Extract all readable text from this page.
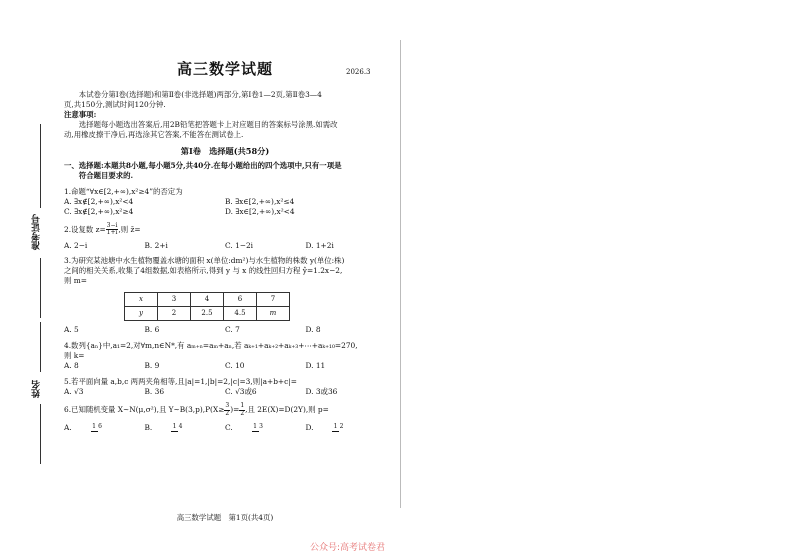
准考证号
姓名
高三数学试题	2026.3

本试卷分第Ⅰ卷(选择题)和第Ⅱ卷(非选择题)两部分,第Ⅰ卷1—2页,第Ⅱ卷3—4

页,共150分,测试时间120分钟.

注意事项:

选择题每小题选出答案后,用2B铅笔把答题卡上对应题目的答案标号涂黑.如需改

动,用橡皮擦干净后,再选涂其它答案,不能答在测试卷上.

第Ⅰ卷　选择题(共58分)

一、选择题:本题共8小题,每小题5分,共40分.在每小题给出的四个选项中,只有一项是

符合题目要求的.

1.命题“∀x∈[2,+∞),x²≥4”的否定为

A. ∃x∉[2,+∞),x²<4	B. ∃x∈[2,+∞),x²≤4
C. ∃x∉[2,+∞),x²≥4	D. ∃x∈[2,+∞),x²<4

2.设复数 $z= \frac{3-i}{1+i}$ ,则 z̄=

A. 2−i	B. 2+i	C. 1−2i	D. 1+2i

3.为研究某池塘中水生植物覆盖水塘的面积 x(单位:dm²)与水生植物的株数 y(单位:株)

之间的相关关系,收集了4组数据,如表格所示,得到 y 与 x 的线性回归方程 ŷ=1.2x−2,

则 m=

x	3	4	6	7
y	2	2.5	4.5	m
A. 5	B. 6	C. 7	D. 8

4.数列{aₙ}中,a₁=2,对∀m,n∈N*,有 aₘ₊ₙ=aₘ+aₙ,若 aₖ₊₁+aₖ₊₂+aₖ₊₃+⋯+aₖ₊₁₀=270,

则 k=

A. 8	B. 9	C. 10	D. 11

5.若平面向量 a,b,c 两两夹角相等,且|a|=1,|b|=2,|c|=3,则|a+b+c|=

A. √3	B. 36	C. √3或6	D. 3或36

6.已知随机变量 X~N(μ,σ²),且 Y~B(3,p),P(X≥ $\frac{3}{2}$ )= $\frac{1}{2}$ ,且 2E(X)=D(2Y),则 p=

A.	1 6	B.	1 4	C.	1 3	D.	1 2
高三数学试题　第1页(共4页)
公众号:高考试卷君
